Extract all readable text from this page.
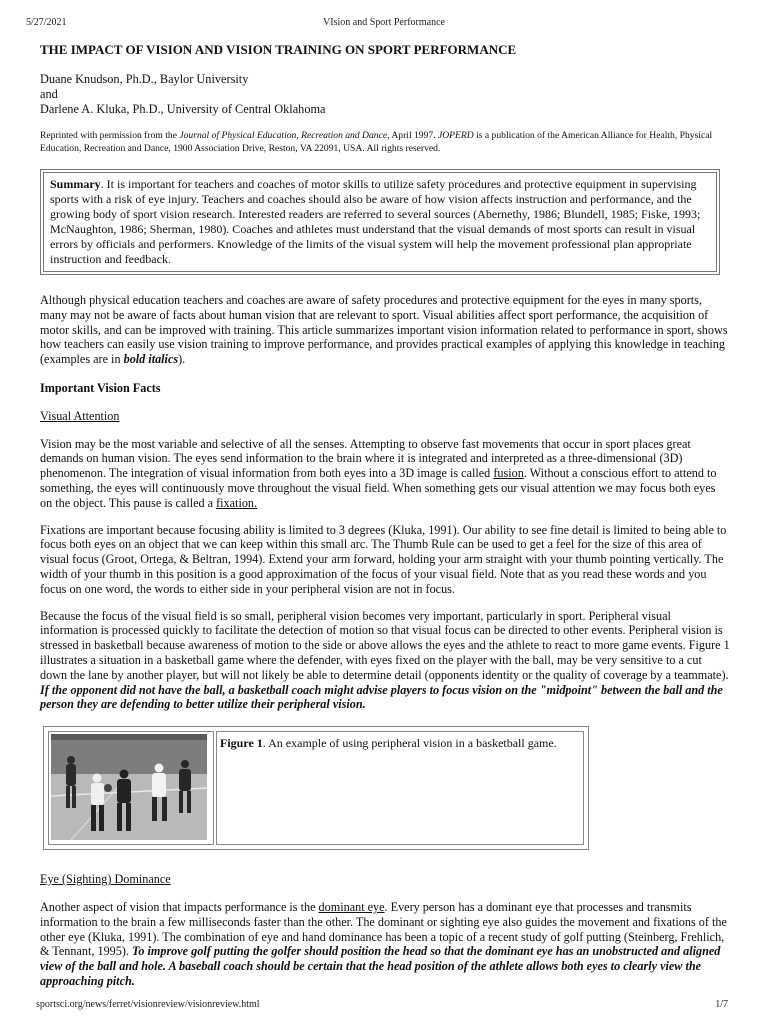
5/27/2021	VIsion and Sport Performance
THE IMPACT OF VISION AND VISION TRAINING ON SPORT PERFORMANCE

Duane Knudson, Ph.D., Baylor University

and

Darlene A. Kluka, Ph.D., University of Central Oklahoma

Reprinted with permission from the Journal of Physical Education, Recreation and Dance, April 1997. JOPERD is a publication of the American Alliance for Health, Physical Education, Recreation and Dance, 1900 Association Drive, Reston, VA 22091, USA. All rights reserved.
Summary. It is important for teachers and coaches of motor skills to utilize safety procedures and protective equipment in supervising sports with a risk of eye injury. Teachers and coaches should also be aware of how vision affects instruction and performance, and the growing body of sport vision research. Interested readers are referred to several sources (Abernethy, 1986; Blundell, 1985; Fiske, 1993; McNaughton, 1986; Sherman, 1980). Coaches and athletes must understand that the visual demands of most sports can result in visual errors by officials and performers. Knowledge of the limits of the visual system will help the movement professional plan appropriate instruction and feedback.

Although physical education teachers and coaches are aware of safety procedures and protective equipment for the eyes in many sports, many may not be aware of facts about human vision that are relevant to sport. Visual abilities affect sport performance, the acquisition of motor skills, and can be improved with training. This article summarizes important vision information related to performance in sport, shows how teachers can easily use vision training to improve performance, and provides practical examples of applying this knowledge in teaching (examples are in bold italics).

Important Vision Facts
Visual Attention

Vision may be the most variable and selective of all the senses. Attempting to observe fast movements that occur in sport places great demands on human vision. The eyes send information to the brain where it is integrated and interpreted as a three-dimensional (3D) phenomenon. The integration of visual information from both eyes into a 3D image is called fusion. Without a conscious effort to attend to something, the eyes will continuously move throughout the visual field. When something gets our visual attention we may focus both eyes on the object. This pause is called a fixation.

Fixations are important because focusing ability is limited to 3 degrees (Kluka, 1991). Our ability to see fine detail is limited to being able to focus both eyes on an object that we can keep within this small arc. The Thumb Rule can be used to get a feel for the size of this area of visual focus (Groot, Ortega, & Beltran, 1994). Extend your arm forward, holding your arm straight with your thumb pointing vertically. The width of your thumb in this position is a good approximation of the focus of your visual field. Note that as you read these words and you focus on one word, the words to either side in your peripheral vision are not in focus.

Because the focus of the visual field is so small, peripheral vision becomes very important, particularly in sport. Peripheral visual information is processed quickly to facilitate the detection of motion so that visual focus can be directed to other events. Peripheral vision is stressed in basketball because awareness of motion to the side or above allows the eyes and the athlete to react to more game events. Figure 1 illustrates a situation in a basketball game where the defender, with eyes fixed on the player with the ball, may be very sensitive to a cut down the lane by another player, but will not likely be able to determine detail (opponents identity or the quality of coverage by a teammate). If the opponent did not have the ball, a basketball coach might advise players to focus vision on the "midpoint" between the ball and the person they are defending to better utilize their peripheral vision.

	Figure 1. An example of using peripheral vision in a basketball game.
Eye (Sighting) Dominance

Another aspect of vision that impacts performance is the dominant eye. Every person has a dominant eye that processes and transmits information to the brain a few milliseconds faster than the other. The dominant or sighting eye also guides the movement and fixations of the other eye (Kluka, 1991). The combination of eye and hand dominance has been a topic of a recent study of golf putting (Steinberg, Frehlich, & Tennant, 1995). To improve golf putting the golfer should position the head so that the dominant eye has an unobstructed and aligned view of the ball and hole. A baseball coach should be certain that the head position of the athlete allows both eyes to clearly view the approaching pitch.

sportsci.org/news/ferret/visionreview/visionreview.html	1/7
